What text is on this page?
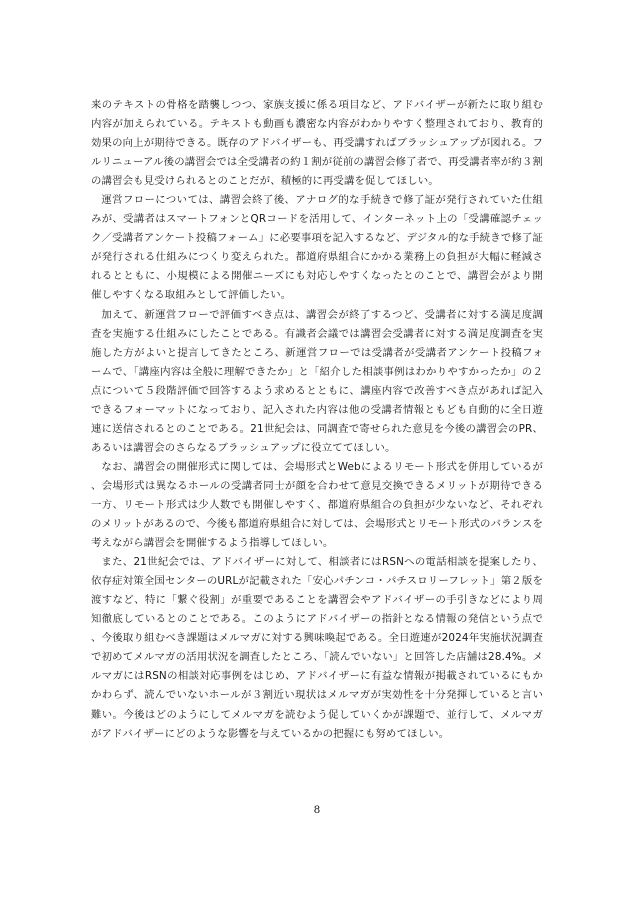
来のテキストの骨格を踏襲しつつ、家族支援に係る項目など、アドバイザーが新たに取り組む内容が加えられている。テキストも動画も濃密な内容がわかりやすく整理されており、教育的効果の向上が期待できる。既存のアドバイザーも、再受講すればブラッシュアップが図れる。フルリニューアル後の講習会では全受講者の約１割が従前の講習会修了者で、再受講者率が約３割の講習会も見受けられるとのことだが、積極的に再受講を促してほしい。

運営フローについては、講習会終了後、アナログ的な手続きで修了証が発行されていた仕組みが、受講者はスマートフォンとQRコードを活用して、インターネット上の「受講確認チェック／受講者アンケート投稿フォーム」に必要事項を記入するなど、デジタル的な手続きで修了証が発行される仕組みにつくり変えられた。都道府県組合にかかる業務上の負担が大幅に軽減されるとともに、小規模による開催ニーズにも対応しやすくなったとのことで、講習会がより開催しやすくなる取組みとして評価したい。

加えて、新運営フローで評価すべき点は、講習会が終了するつど、受講者に対する満足度調査を実施する仕組みにしたことである。有識者会議では講習会受講者に対する満足度調査を実施した方がよいと提言してきたところ、新運営フローでは受講者が受講者アンケート投稿フォームで、「講座内容は全般に理解できたか」と「紹介した相談事例はわかりやすかったか」の２点について５段階評価で回答するよう求めるとともに、講座内容で改善すべき点があれば記入できるフォーマットになっており、記入された内容は他の受講者情報ともども自動的に全日遊連に送信されるとのことである。21世紀会は、同調査で寄せられた意見を今後の講習会のPR、あるいは講習会のさらなるブラッシュアップに役立ててほしい。

なお、講習会の開催形式に関しては、会場形式とWebによるリモート形式を併用しているが、会場形式は異なるホールの受講者同士が顔を合わせて意見交換できるメリットが期待できる一方、リモート形式は少人数でも開催しやすく、都道府県組合の負担が少ないなど、それぞれのメリットがあるので、今後も都道府県組合に対しては、会場形式とリモート形式のバランスを考えながら講習会を開催するよう指導してほしい。

また、21世紀会では、アドバイザーに対して、相談者にはRSNへの電話相談を提案したり、依存症対策全国センターのURLが記載された「安心パチンコ・パチスロリーフレット」第２版を渡すなど、特に「繋ぐ役割」が重要であることを講習会やアドバイザーの手引きなどにより周知徹底しているとのことである。このようにアドバイザーの指針となる情報の発信という点で、今後取り組むべき課題はメルマガに対する興味喚起である。全日遊連が2024年実施状況調査で初めてメルマガの活用状況を調査したところ、「読んでいない」と回答した店舗は28.4%。メルマガにはRSNの相談対応事例をはじめ、アドバイザーに有益な情報が掲載されているにもかかわらず、読んでいないホールが３割近い現状はメルマガが実効性を十分発揮していると言い難い。今後はどのようにしてメルマガを読むよう促していくかが課題で、並行して、メルマガがアドバイザーにどのような影響を与えているかの把握にも努めてほしい。

8
